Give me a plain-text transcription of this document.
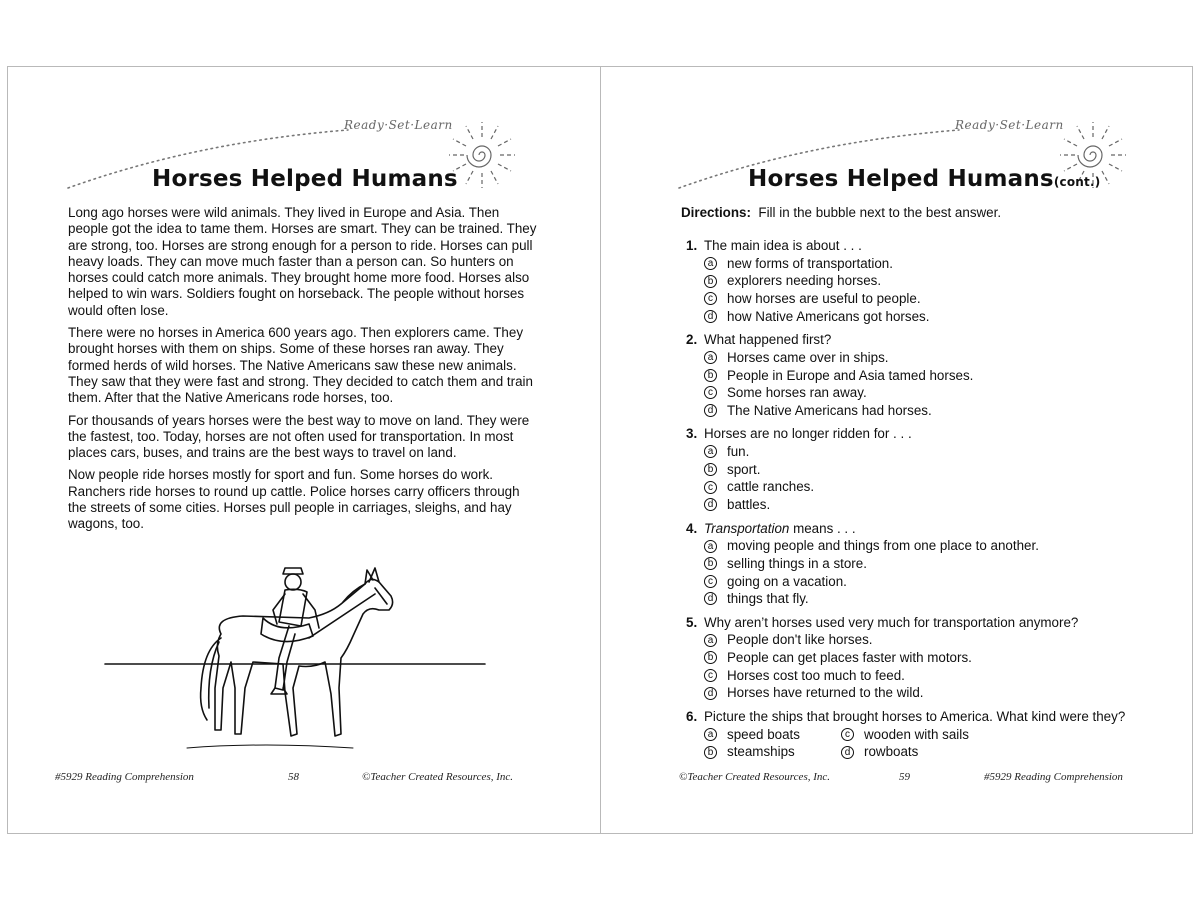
Ready·Set·Learn
Horses Helped Humans

Long ago horses were wild animals. They lived in Europe and Asia. Then people got the idea to tame them. Horses are smart. They can be trained. They are strong, too. Horses are strong enough for a person to ride. Horses can pull heavy loads. They can move much faster than a person can. So hunters on horses could catch more animals. They brought home more food. Horses also helped to win wars. Soldiers fought on horseback. The people without horses would often lose.

There were no horses in America 600 years ago. Then explorers came. They brought horses with them on ships. Some of these horses ran away. They formed herds of wild horses. The Native Americans saw these new animals. They saw that they were fast and strong. They decided to catch them and train them. After that the Native Americans rode horses, too.

For thousands of years horses were the best way to move on land. They were the fastest, too. Today, horses are not often used for transportation. In most places cars, buses, and trains are the best ways to travel on land.

Now people ride horses mostly for sport and fun. Some horses do work. Ranchers ride horses to round up cattle. Police horses carry officers through the streets of some cities. Horses pull people in carriages, sleighs, and hay wagons, too.

#5929 Reading Comprehension	58	©Teacher Created Resources, Inc.
Ready·Set·Learn
Horses Helped Humans(cont.)
Directions: Fill in the bubble next to the best answer.
1. The main idea is about . . .
a new forms of transportation.
b explorers needing horses.
c how horses are useful to people.
d how Native Americans got horses.
2. What happened first?
a Horses came over in ships.
b People in Europe and Asia tamed horses.
c Some horses ran away.
d The Native Americans had horses.
3. Horses are no longer ridden for . . .
a fun.
b sport.
c cattle ranches.
d battles.
4. Transportation means . . .
a moving people and things from one place to another.
b selling things in a store.
c going on a vacation.
d things that fly.
5. Why aren’t horses used very much for transportation anymore?
a People don't like horses.
b People can get places faster with motors.
c Horses cost too much to feed.
d Horses have returned to the wild.
6. Picture the ships that brought horses to America. What kind were they?
a speed boats	c wooden with sails
b steamships	d rowboats
©Teacher Created Resources, Inc.	59	#5929 Reading Comprehension
